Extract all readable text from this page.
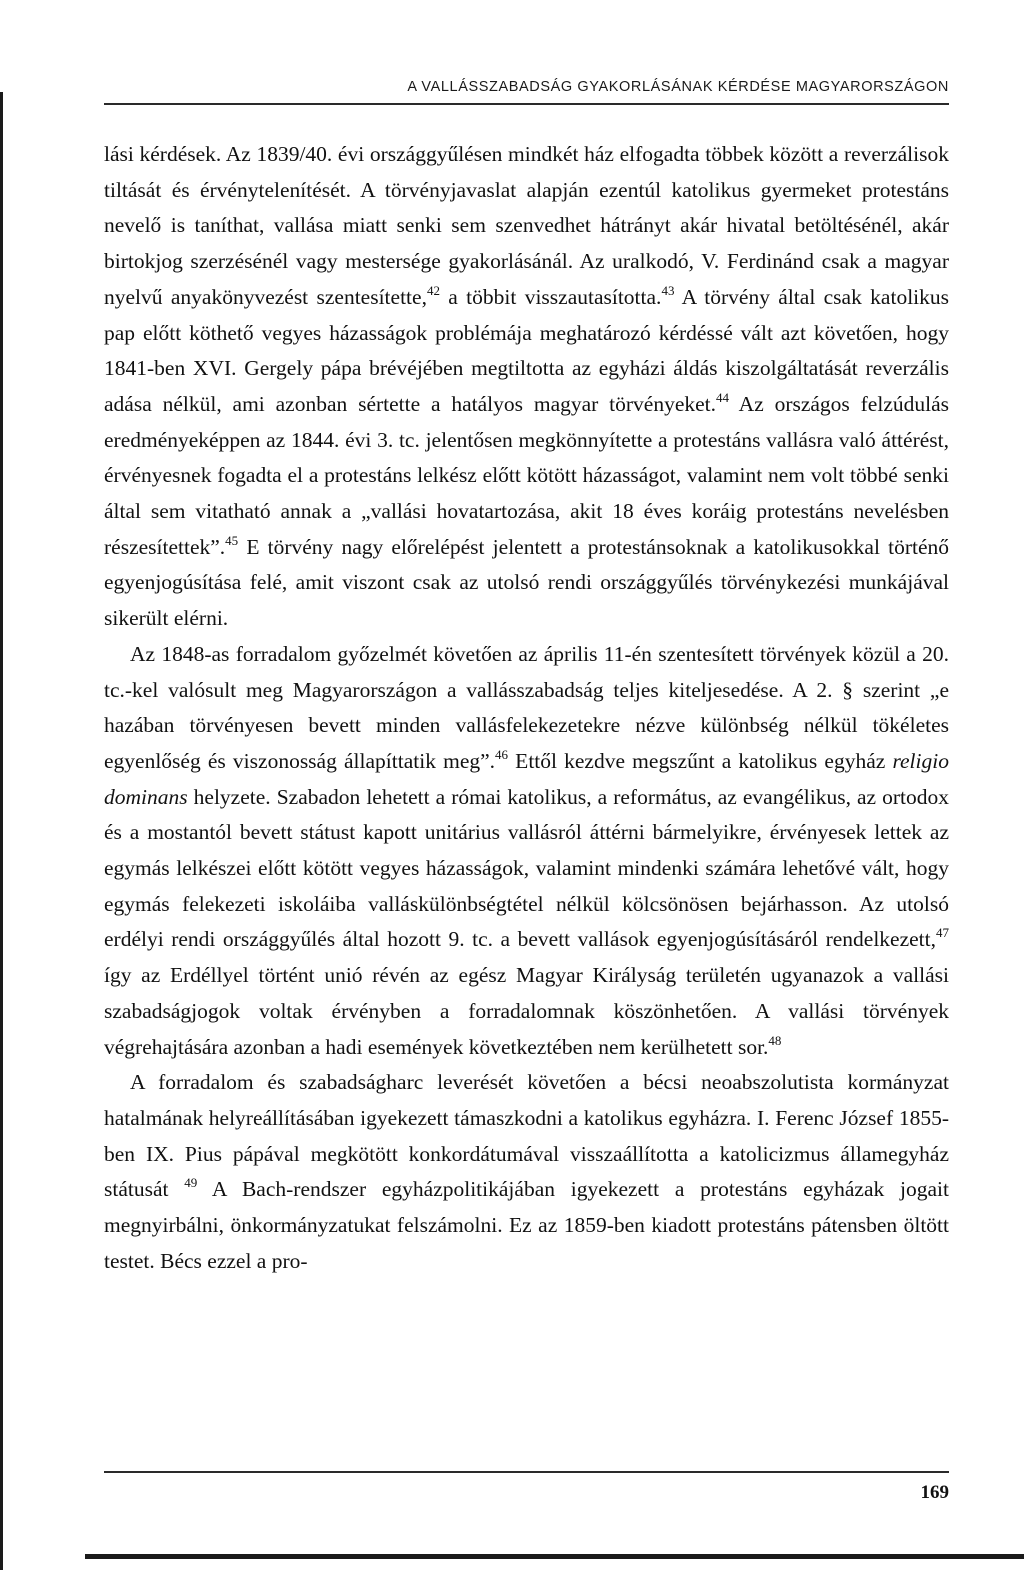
A VALLÁSSZABADSÁG GYAKORLÁSÁNAK KÉRDÉSE MAGYARORSZÁGON

lási kérdések. Az 1839/40. évi országgyűlésen mindkét ház elfogadta többek között a reverzálisok tiltását és érvénytelenítését. A törvényjavaslat alapján ezentúl katolikus gyermeket protestáns nevelő is taníthat, vallása miatt senki sem szenvedhet hátrányt akár hivatal betöltésénél, akár birtokjog szerzésénél vagy mestersége gyakorlásánál. Az uralkodó, V. Ferdinánd csak a magyar nyelvű anyakönyvezést szentesítette,$^{42}$ a többit visszautasította.$^{43}$ A törvény által csak katolikus pap előtt köthető vegyes házasságok problémája meghatározó kérdéssé vált azt követően, hogy 1841-ben XVI. Gergely pápa brévéjében megtiltotta az egyházi áldás kiszolgáltatását reverzális adása nélkül, ami azonban sértette a hatályos magyar törvényeket.$^{44}$ Az országos felzúdulás eredményeképpen az 1844. évi 3. tc. jelentősen megkönnyítette a protestáns vallásra való áttérést, érvényesnek fogadta el a protestáns lelkész előtt kötött házasságot, valamint nem volt többé senki által sem vitatható annak a „vallási hovatartozása, akit 18 éves koráig protestáns nevelésben részesítettek”.$^{45}$ E törvény nagy előrelépést jelentett a protestánsoknak a katolikusokkal történő egyenjogúsítása felé, amit viszont csak az utolsó rendi országgyűlés törvénykezési munkájával sikerült elérni.

Az 1848-as forradalom győzelmét követően az április 11-én szentesített törvények közül a 20. tc.-kel valósult meg Magyarországon a vallásszabadság teljes kiteljesedése. A 2. § szerint „e hazában törvényesen bevett minden vallásfelekezetekre nézve különbség nélkül tökéletes egyenlőség és viszonosság állapíttatik meg”.$^{46}$ Ettől kezdve megszűnt a katolikus egyház religio dominans helyzete. Szabadon lehetett a római katolikus, a református, az evangélikus, az ortodox és a mostantól bevett státust kapott unitárius vallásról áttérni bármelyikre, érvényesek lettek az egymás lelkészei előtt kötött vegyes házasságok, valamint mindenki számára lehetővé vált, hogy egymás felekezeti iskoláiba valláskülönbségtétel nélkül kölcsönösen bejárhasson. Az utolsó erdélyi rendi országgyűlés által hozott 9. tc. a bevett vallások egyenjogúsításáról rendelkezett,$^{47}$ így az Erdéllyel történt unió révén az egész Magyar Királyság területén ugyanazok a vallási szabadságjogok voltak érvényben a forradalomnak köszönhetően. A vallási törvények végrehajtására azonban a hadi események következtében nem kerülhetett sor.$^{48}$

A forradalom és szabadságharc leverését követően a bécsi neoabszolutista kormányzat hatalmának helyreállításában igyekezett támaszkodni a katolikus egyházra. I. Ferenc József 1855-ben IX. Pius pápával megkötött konkordátumával visszaállította a katolicizmus államegyház státusát $^{49}$ A Bach-rendszer egyházpolitikájában igyekezett a protestáns egyházak jogait megnyirbálni, önkormányzatukat felszámolni. Ez az 1859-ben kiadott protestáns pátensben öltött testet. Bécs ezzel a pro-

169
